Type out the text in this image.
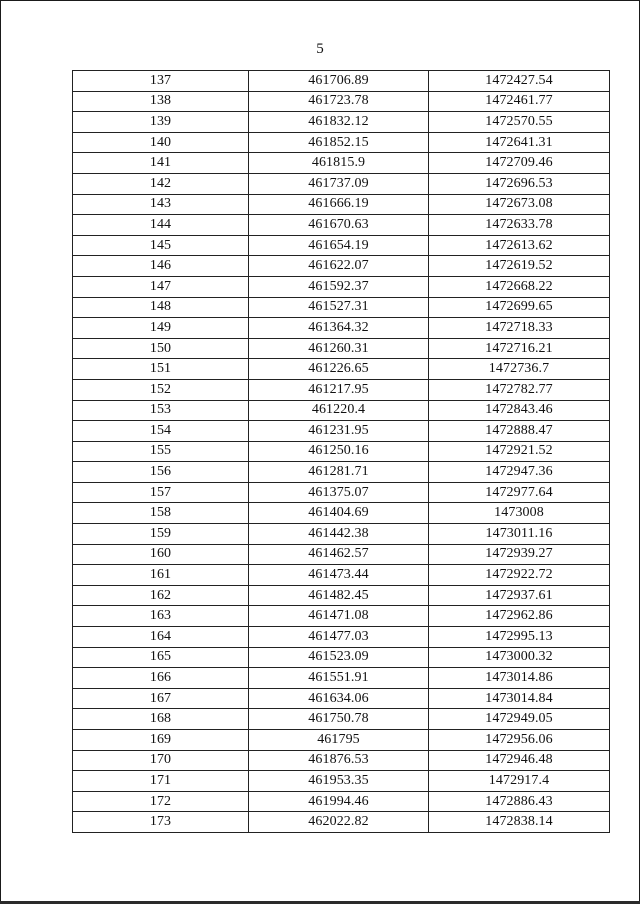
5
137	461706.89	1472427.54
138	461723.78	1472461.77
139	461832.12	1472570.55
140	461852.15	1472641.31
141	461815.9	1472709.46
142	461737.09	1472696.53
143	461666.19	1472673.08
144	461670.63	1472633.78
145	461654.19	1472613.62
146	461622.07	1472619.52
147	461592.37	1472668.22
148	461527.31	1472699.65
149	461364.32	1472718.33
150	461260.31	1472716.21
151	461226.65	1472736.7
152	461217.95	1472782.77
153	461220.4	1472843.46
154	461231.95	1472888.47
155	461250.16	1472921.52
156	461281.71	1472947.36
157	461375.07	1472977.64
158	461404.69	1473008
159	461442.38	1473011.16
160	461462.57	1472939.27
161	461473.44	1472922.72
162	461482.45	1472937.61
163	461471.08	1472962.86
164	461477.03	1472995.13
165	461523.09	1473000.32
166	461551.91	1473014.86
167	461634.06	1473014.84
168	461750.78	1472949.05
169	461795	1472956.06
170	461876.53	1472946.48
171	461953.35	1472917.4
172	461994.46	1472886.43
173	462022.82	1472838.14
